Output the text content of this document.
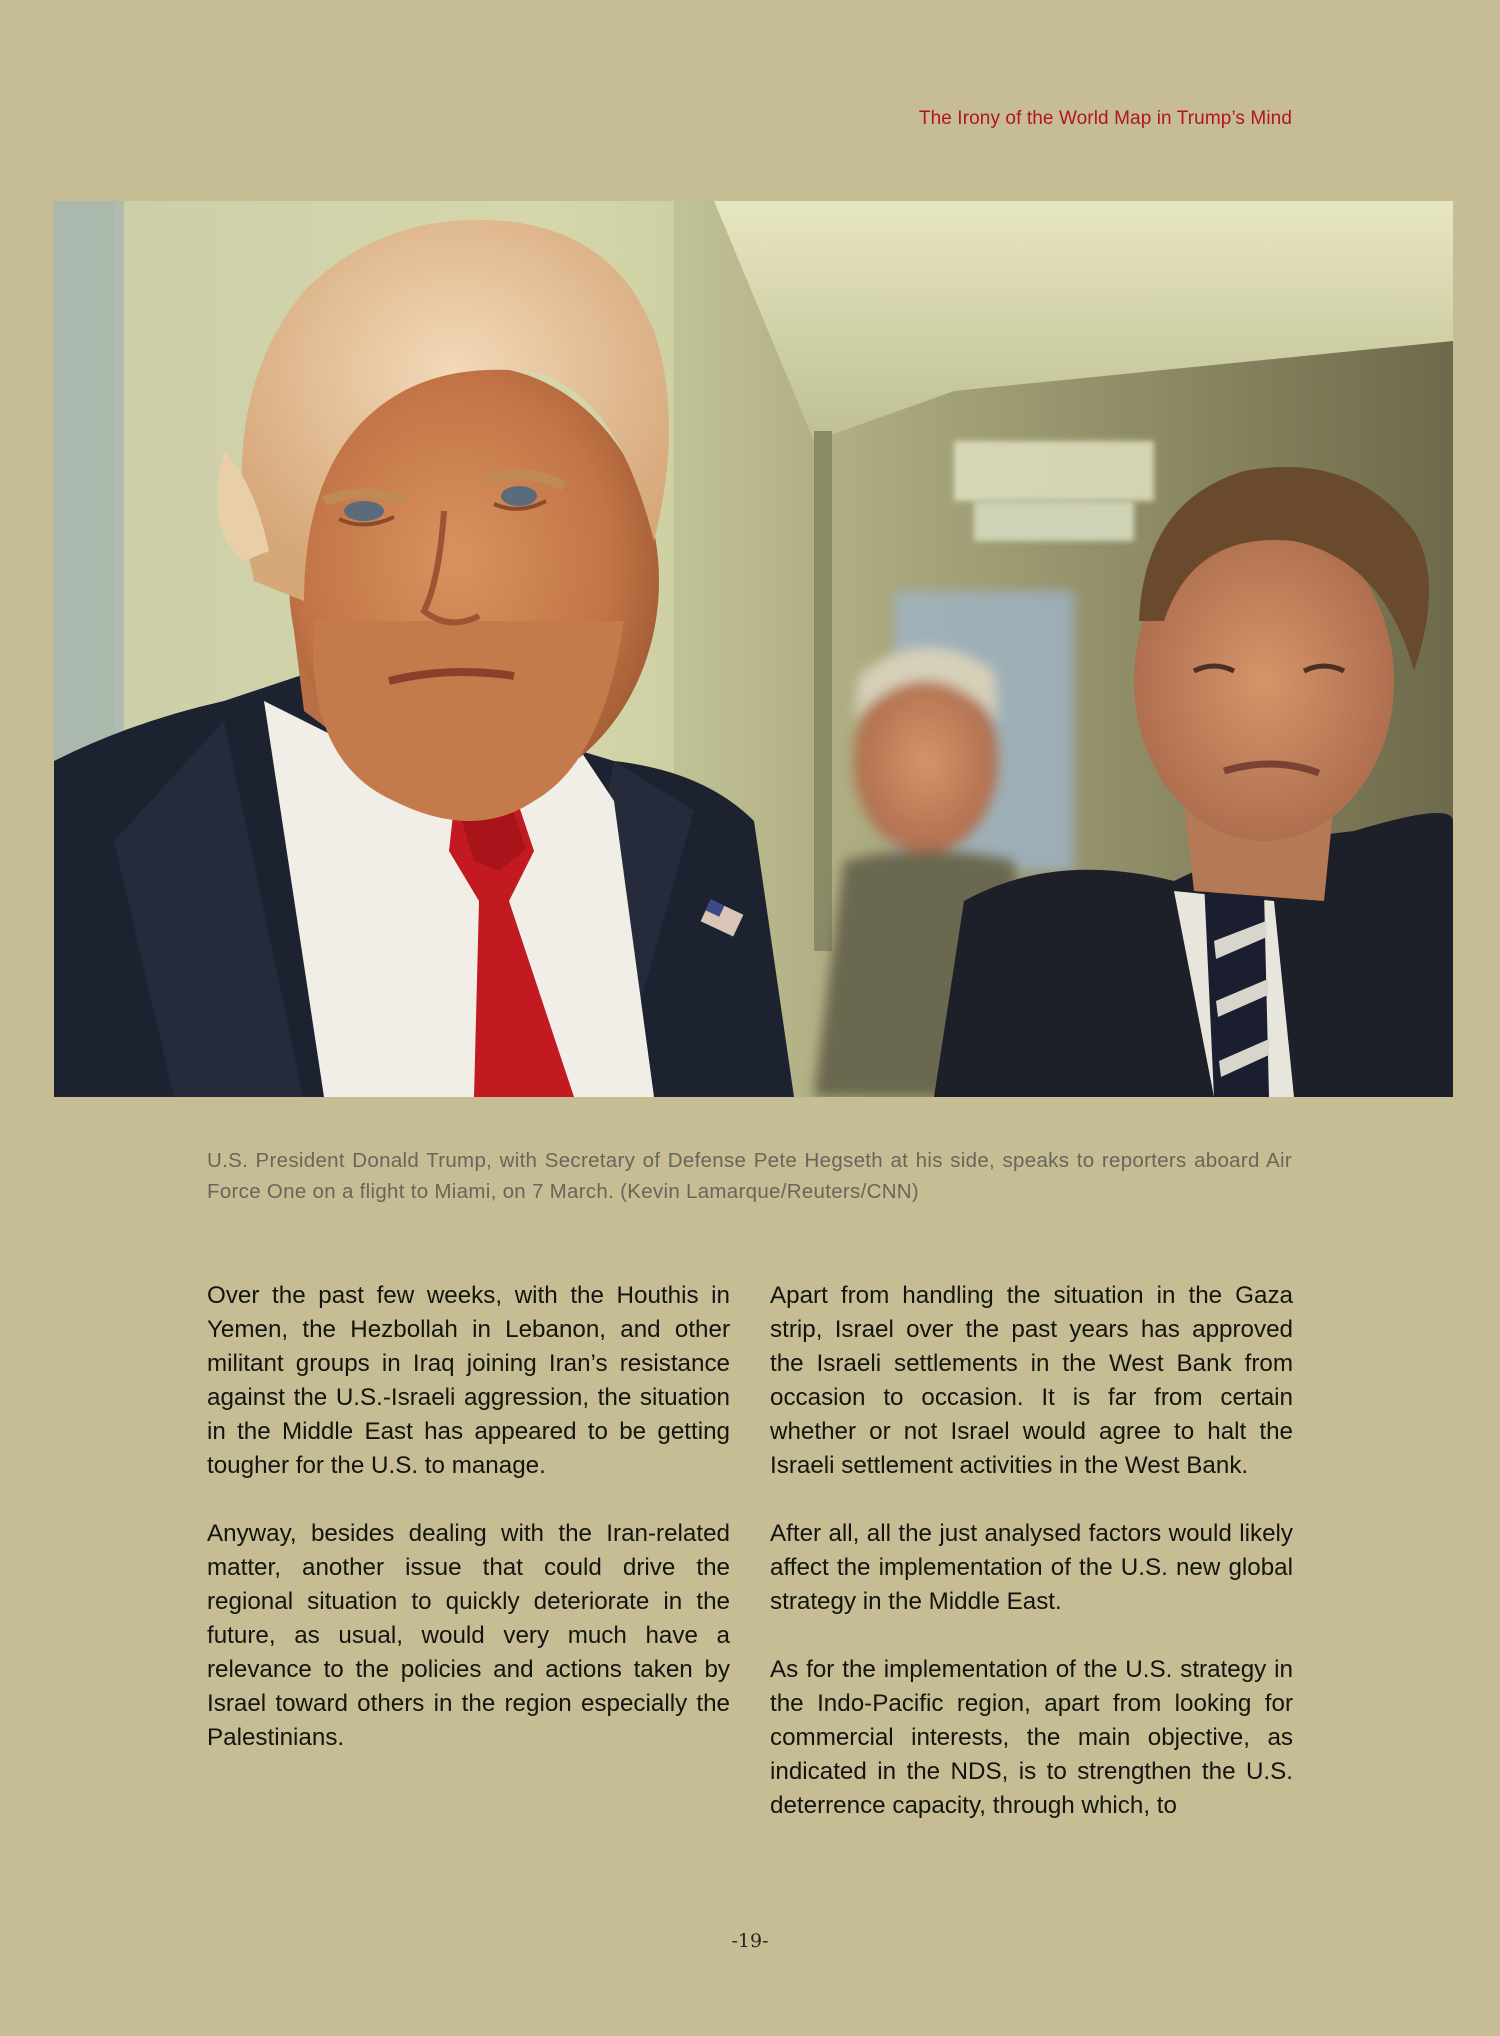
The Irony of the World Map in Trump’s Mind
U.S. President Donald Trump, with Secretary of Defense Pete Hegseth at his side, speaks to reporters aboard Air Force One on a flight to Miami, on 7 March. (Kevin Lamarque/Reuters/CNN)

Over the past few weeks, with the Houthis in Yemen, the Hezbollah in Lebanon, and other militant groups in Iraq joining Iran’s resistance against the U.S.-Israeli aggression, the situation in the Middle East has appeared to be getting tougher for the U.S. to manage.

Anyway, besides dealing with the Iran-related matter, another issue that could drive the regional situation to quickly deteriorate in the future, as usual, would very much have a relevance to the policies and actions taken by Israel toward others in the region especially the Palestinians.

Apart from handling the situation in the Gaza strip, Israel over the past years has approved the Israeli settlements in the West Bank from occasion to occasion. It is far from certain whether or not Israel would agree to halt the Israeli settlement activities in the West Bank.

After all, all the just analysed factors would likely affect the implementation of the U.S. new global strategy in the Middle East.

As for the implementation of the U.S. strategy in the Indo-Pacific region, apart from looking for commercial interests, the main objective, as indicated in the NDS, is to strengthen the U.S. deterrence capacity, through which, to

-19-
